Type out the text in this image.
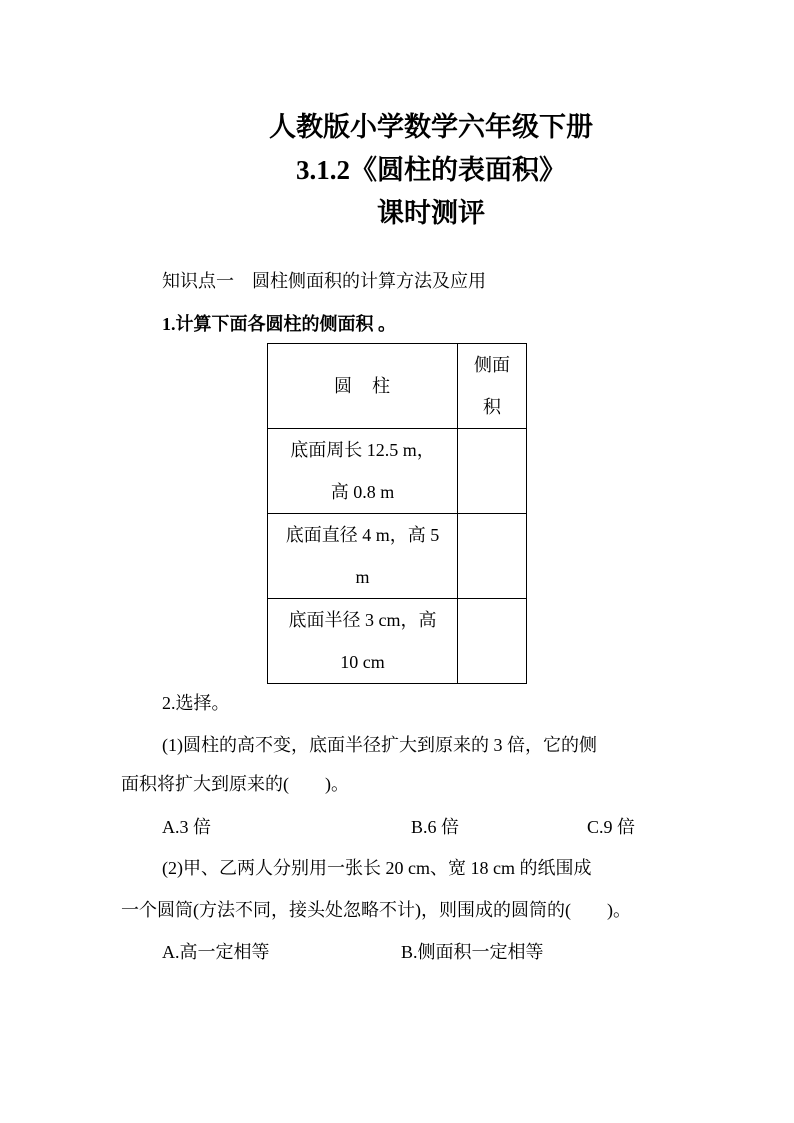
人教版小学数学六年级下册
3.1.2《圆柱的表面积》
课时测评
知识点一　圆柱侧面积的计算方法及应用
1.计算下面各圆柱的侧面积 。
圆　柱	侧面
积

底面周长 12.5 m，
高 0.8 m	

底面直径 4 m，高 5
m	

底面半径 3 cm，高
10 cm	

2.选择。
(1)圆柱的高不变，底面半径扩大到原来的 3 倍，它的侧
面积将扩大到原来的(　　)。
A.3 倍	B.6 倍	C.9 倍
(2)甲、乙两人分别用一张长 20 cm、宽 18 cm 的纸围成
一个圆筒(方法不同，接头处忽略不计)，则围成的圆筒的(　　)。
A.高一定相等	B.侧面积一定相等
